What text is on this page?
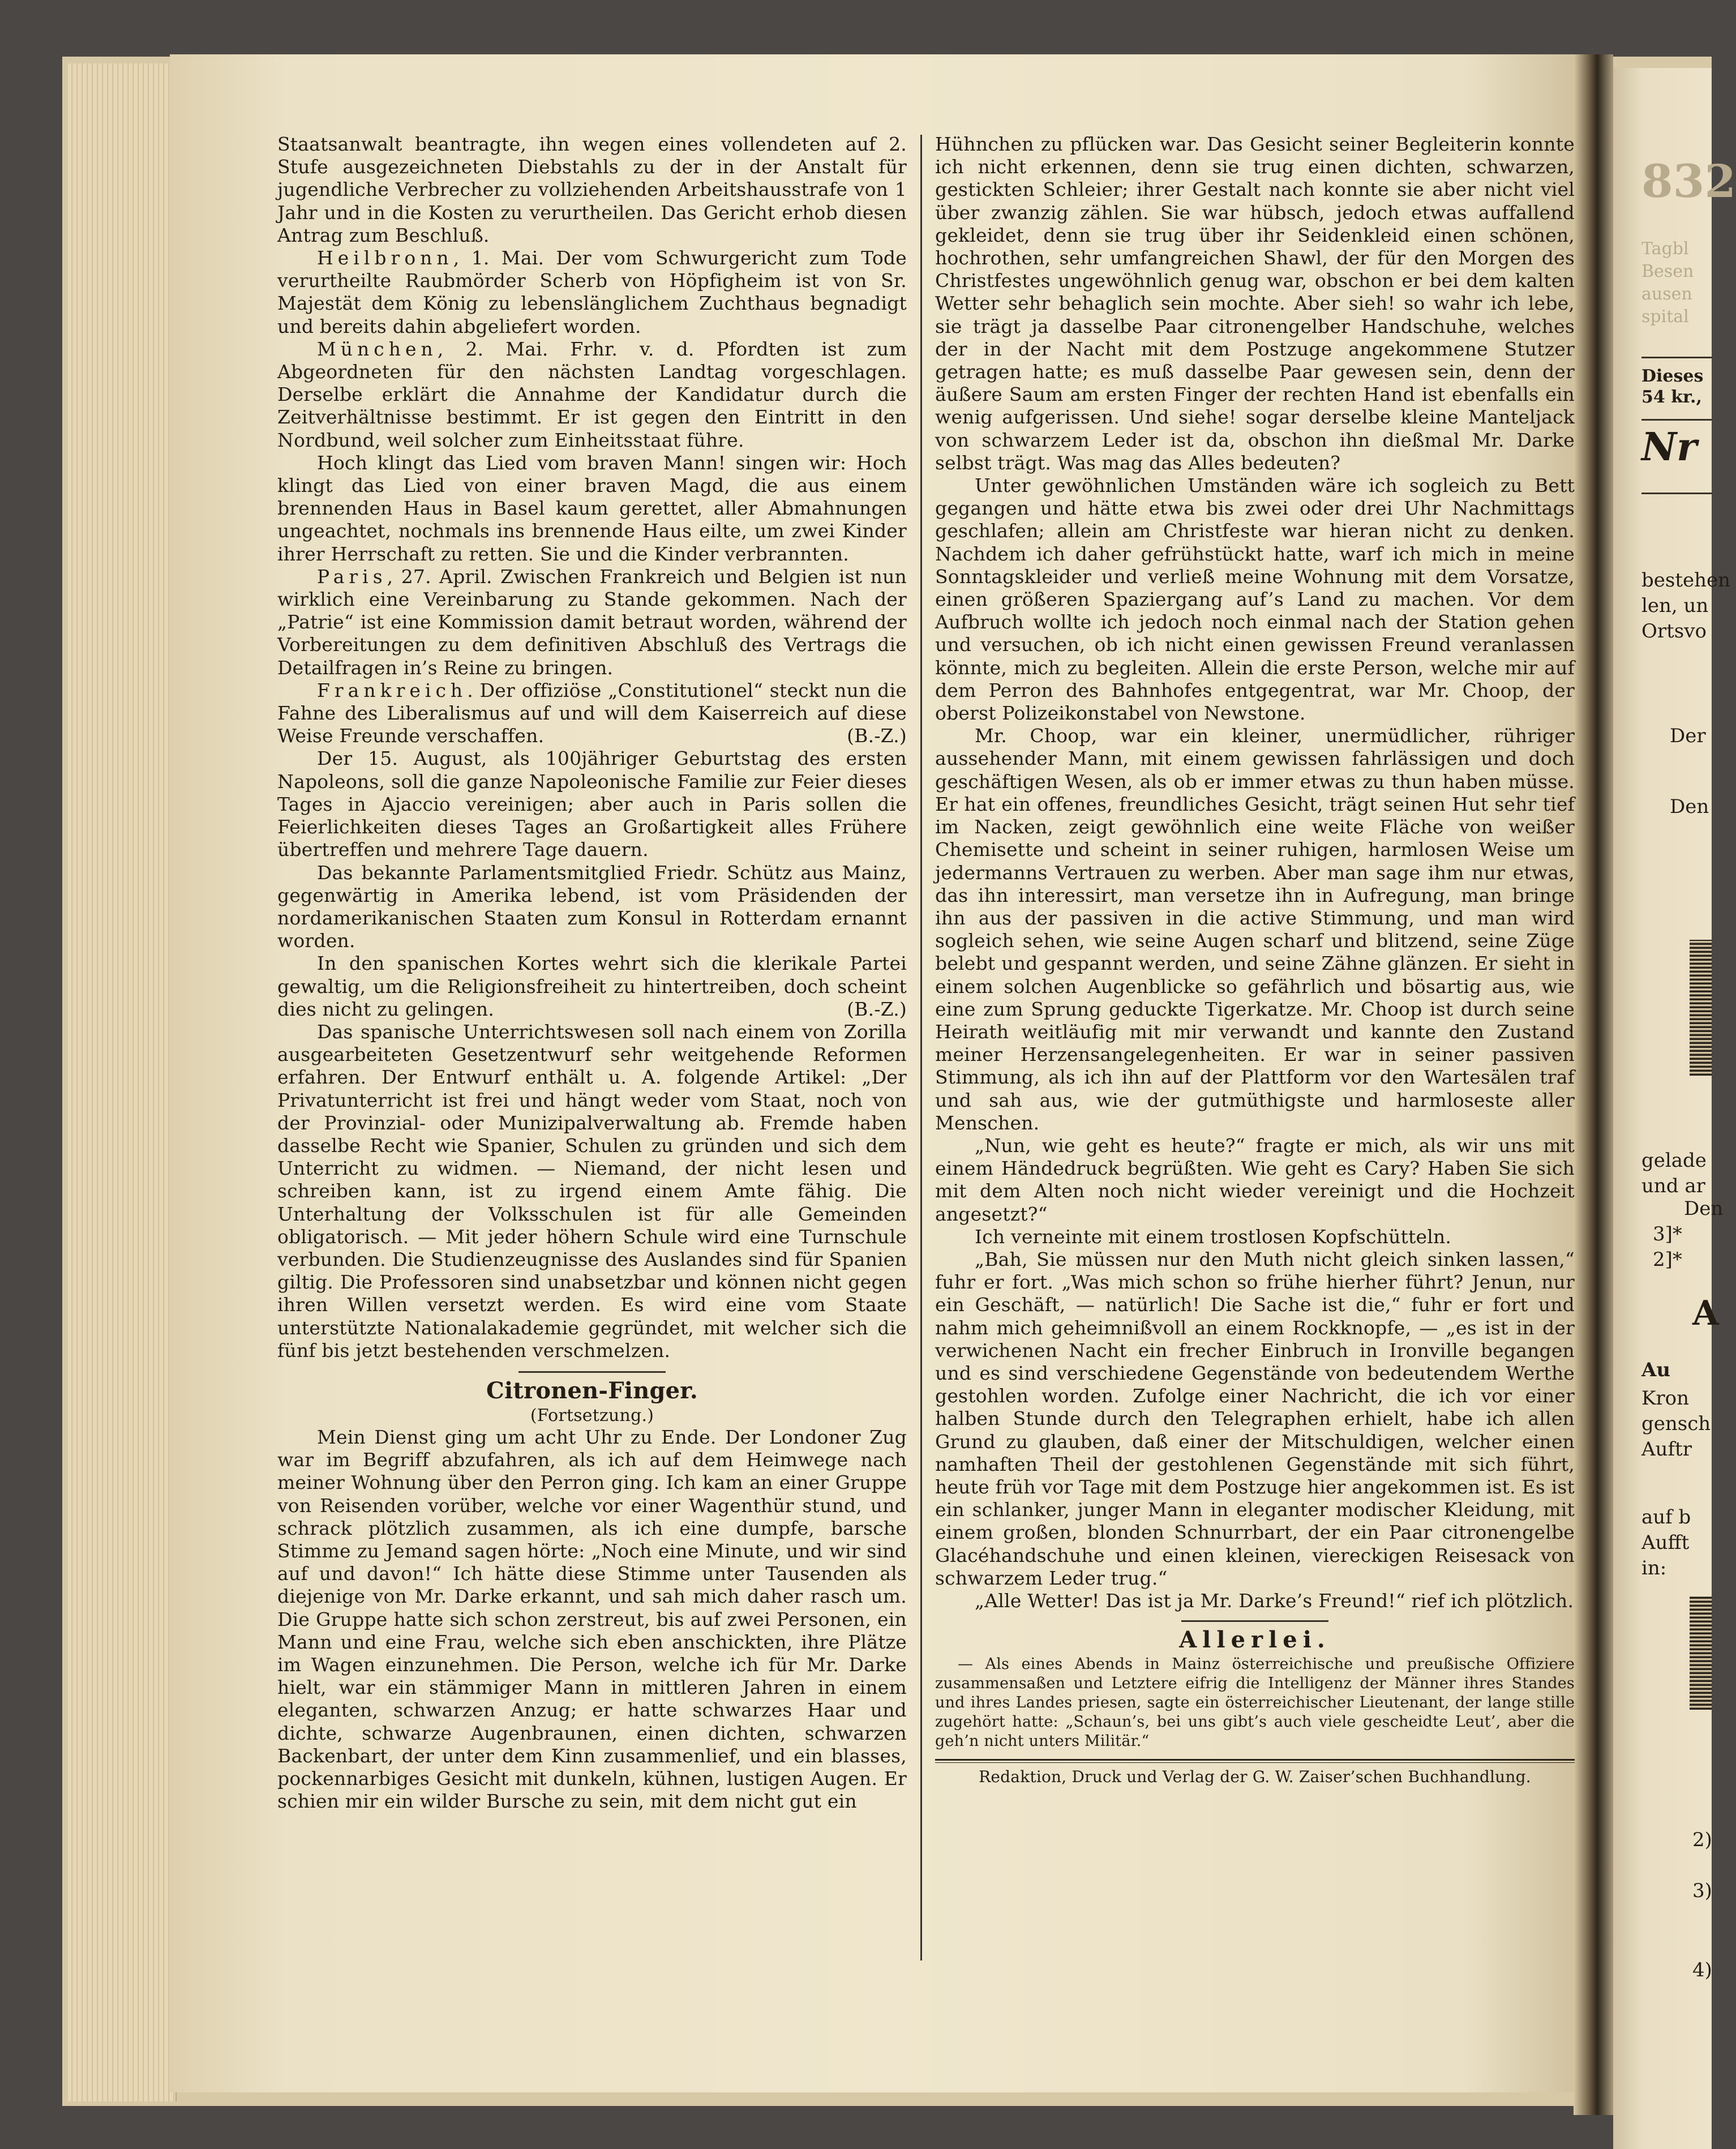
Staatsanwalt beantragte, ihn wegen eines vollendeten auf 2. Stufe ausgezeichneten Diebstahls zu der in der Anstalt für jugendliche Verbrecher zu vollziehenden Arbeitshausstrafe von 1 Jahr und in die Kosten zu verurtheilen. Das Gericht erhob diesen Antrag zum Beschluß.

Heilbronn, 1. Mai. Der vom Schwurgericht zum Tode verurtheilte Raubmörder Scherb von Höpfigheim ist von Sr. Majestät dem König zu lebenslänglichem Zuchthaus begnadigt und bereits dahin abgeliefert worden.

München, 2. Mai. Frhr. v. d. Pfordten ist zum Abgeordneten für den nächsten Landtag vorgeschlagen. Derselbe erklärt die Annahme der Kandidatur durch die Zeitverhältnisse bestimmt. Er ist gegen den Eintritt in den Nordbund, weil solcher zum Einheitsstaat führe.

Hoch klingt das Lied vom braven Mann! singen wir: Hoch klingt das Lied von einer braven Magd, die aus einem brennenden Haus in Basel kaum gerettet, aller Abmahnungen ungeachtet, nochmals ins brennende Haus eilte, um zwei Kinder ihrer Herrschaft zu retten. Sie und die Kinder verbrannten.

Paris, 27. April. Zwischen Frankreich und Belgien ist nun wirklich eine Vereinbarung zu Stande gekommen. Nach der „Patrie“ ist eine Kommission damit betraut worden, während der Vorbereitungen zu dem definitiven Abschluß des Vertrags die Detailfragen in’s Reine zu bringen.

Frankreich. Der offiziöse „Constitutionel“ steckt nun die Fahne des Liberalismus auf und will dem Kaiserreich auf diese Weise Freunde verschaffen.	(B.-Z.)

Der 15. August, als 100jähriger Geburtstag des ersten Napoleons, soll die ganze Napoleonische Familie zur Feier dieses Tages in Ajaccio vereinigen; aber auch in Paris sollen die Feierlichkeiten dieses Tages an Großartigkeit alles Frühere übertreffen und mehrere Tage dauern.

Das bekannte Parlamentsmitglied Friedr. Schütz aus Mainz, gegenwärtig in Amerika lebend, ist vom Präsidenden der nordamerikanischen Staaten zum Konsul in Rotterdam ernannt worden.

In den spanischen Kortes wehrt sich die klerikale Partei gewaltig, um die Religionsfreiheit zu hintertreiben, doch scheint dies nicht zu gelingen.	(B.-Z.)

Das spanische Unterrichtswesen soll nach einem von Zorilla ausgearbeiteten Gesetzentwurf sehr weitgehende Reformen erfahren. Der Entwurf enthält u. A. folgende Artikel: „Der Privatunterricht ist frei und hängt weder vom Staat, noch von der Provinzial- oder Munizipalverwaltung ab. Fremde haben dasselbe Recht wie Spanier, Schulen zu gründen und sich dem Unterricht zu widmen. — Niemand, der nicht lesen und schreiben kann, ist zu irgend einem Amte fähig. Die Unterhaltung der Volksschulen ist für alle Gemeinden obligatorisch. — Mit jeder höhern Schule wird eine Turnschule verbunden. Die Studienzeugnisse des Auslandes sind für Spanien giltig. Die Professoren sind unabsetzbar und können nicht gegen ihren Willen versetzt werden. Es wird eine vom Staate unterstützte Nationalakademie gegründet, mit welcher sich die fünf bis jetzt bestehenden verschmelzen.

Citronen-Finger.

(Fortsetzung.)

Mein Dienst ging um acht Uhr zu Ende. Der Londoner Zug war im Begriff abzufahren, als ich auf dem Heimwege nach meiner Wohnung über den Perron ging. Ich kam an einer Gruppe von Reisenden vorüber, welche vor einer Wagenthür stund, und schrack plötzlich zusammen, als ich eine dumpfe, barsche Stimme zu Jemand sagen hörte: „Noch eine Minute, und wir sind auf und davon!“ Ich hätte diese Stimme unter Tausenden als diejenige von Mr. Darke erkannt, und sah mich daher rasch um. Die Gruppe hatte sich schon zerstreut, bis auf zwei Personen, ein Mann und eine Frau, welche sich eben anschickten, ihre Plätze im Wagen einzunehmen. Die Person, welche ich für Mr. Darke hielt, war ein stämmiger Mann in mittleren Jahren in einem eleganten, schwarzen Anzug; er hatte schwarzes Haar und dichte, schwarze Augenbraunen, einen dichten, schwarzen Backenbart, der unter dem Kinn zusammenlief, und ein blasses, pockennarbiges Gesicht mit dunkeln, kühnen, lustigen Augen. Er schien mir ein wilder Bursche zu sein, mit dem nicht gut ein

Hühnchen zu pflücken war. Das Gesicht seiner Begleiterin konnte ich nicht erkennen, denn sie trug einen dichten, schwarzen, gestickten Schleier; ihrer Gestalt nach konnte sie aber nicht viel über zwanzig zählen. Sie war hübsch, jedoch etwas auffallend gekleidet, denn sie trug über ihr Seidenkleid einen schönen, hochrothen, sehr umfangreichen Shawl, der für den Morgen des Christfestes ungewöhnlich genug war, obschon er bei dem kalten Wetter sehr behaglich sein mochte. Aber sieh! so wahr ich lebe, sie trägt ja dasselbe Paar citronengelber Handschuhe, welches der in der Nacht mit dem Postzuge angekommene Stutzer getragen hatte; es muß dasselbe Paar gewesen sein, denn der äußere Saum am ersten Finger der rechten Hand ist ebenfalls ein wenig aufgerissen. Und siehe! sogar derselbe kleine Manteljack von schwarzem Leder ist da, obschon ihn dießmal Mr. Darke selbst trägt. Was mag das Alles bedeuten?

Unter gewöhnlichen Umständen wäre ich sogleich zu Bett gegangen und hätte etwa bis zwei oder drei Uhr Nachmittags geschlafen; allein am Christfeste war hieran nicht zu denken. Nachdem ich daher gefrühstückt hatte, warf ich mich in meine Sonntagskleider und verließ meine Wohnung mit dem Vorsatze, einen größeren Spaziergang auf’s Land zu machen. Vor dem Aufbruch wollte ich jedoch noch einmal nach der Station gehen und versuchen, ob ich nicht einen gewissen Freund veranlassen könnte, mich zu begleiten. Allein die erste Person, welche mir auf dem Perron des Bahnhofes entgegentrat, war Mr. Choop, der oberst Polizeikonstabel von Newstone.

Mr. Choop, war ein kleiner, unermüdlicher, rühriger aussehender Mann, mit einem gewissen fahrlässigen und doch geschäftigen Wesen, als ob er immer etwas zu thun haben müsse. Er hat ein offenes, freundliches Gesicht, trägt seinen Hut sehr tief im Nacken, zeigt gewöhnlich eine weite Fläche von weißer Chemisette und scheint in seiner ruhigen, harmlosen Weise um jedermanns Vertrauen zu werben. Aber man sage ihm nur etwas, das ihn interessirt, man versetze ihn in Aufregung, man bringe ihn aus der passiven in die active Stimmung, und man wird sogleich sehen, wie seine Augen scharf und blitzend, seine Züge belebt und gespannt werden, und seine Zähne glänzen. Er sieht in einem solchen Augenblicke so gefährlich und bösartig aus, wie eine zum Sprung geduckte Tigerkatze. Mr. Choop ist durch seine Heirath weitläufig mit mir verwandt und kannte den Zustand meiner Herzensangelegenheiten. Er war in seiner passiven Stimmung, als ich ihn auf der Plattform vor den Wartesälen traf und sah aus, wie der gutmüthigste und harmloseste aller Menschen.

„Nun, wie geht es heute?“ fragte er mich, als wir uns mit einem Händedruck begrüßten. Wie geht es Cary? Haben Sie sich mit dem Alten noch nicht wieder vereinigt und die Hochzeit angesetzt?“

Ich verneinte mit einem trostlosen Kopfschütteln.

„Bah, Sie müssen nur den Muth nicht gleich sinken lassen,“ fuhr er fort. „Was mich schon so frühe hierher führt? Jenun, nur ein Geschäft, — natürlich! Die Sache ist die,“ fuhr er fort und nahm mich geheimnißvoll an einem Rockknopfe, — „es ist in der verwichenen Nacht ein frecher Einbruch in Ironville begangen und es sind verschiedene Gegenstände von bedeutendem Werthe gestohlen worden. Zufolge einer Nachricht, die ich vor einer halben Stunde durch den Telegraphen erhielt, habe ich allen Grund zu glauben, daß einer der Mitschuldigen, welcher einen namhaften Theil der gestohlenen Gegenstände mit sich führt, heute früh vor Tage mit dem Postzuge hier angekommen ist. Es ist ein schlanker, junger Mann in eleganter modischer Kleidung, mit einem großen, blonden Schnurrbart, der ein Paar citronengelbe Glacéhandschuhe und einen kleinen, viereckigen Reisesack von schwarzem Leder trug.“

„Alle Wetter! Das ist ja Mr. Darke’s Freund!“ rief ich plötzlich.

Allerlei.

— Als eines Abends in Mainz österreichische und preußische Offiziere zusammensaßen und Letztere eifrig die Intelligenz der Männer ihres Standes und ihres Landes priesen, sagte ein österreichischer Lieutenant, der lange stille zugehört hatte: „Schaun’s, bei uns gibt’s auch viele gescheidte Leut’, aber die geh’n nicht unters Militär.“

Redaktion, Druck und Verlag der G. W. Zaiser’schen Buchhandlung.

832
Tagbl
Besen
ausen
spital
Dieses
54 kr.,
Nr
bestehen
len, un
Ortsvo
Der
Den
gelade
und ar
Den
3]*
2]*
A
Au
Kron
gensch
Auftr
auf b
Aufft
in:
2)
3)
4)
